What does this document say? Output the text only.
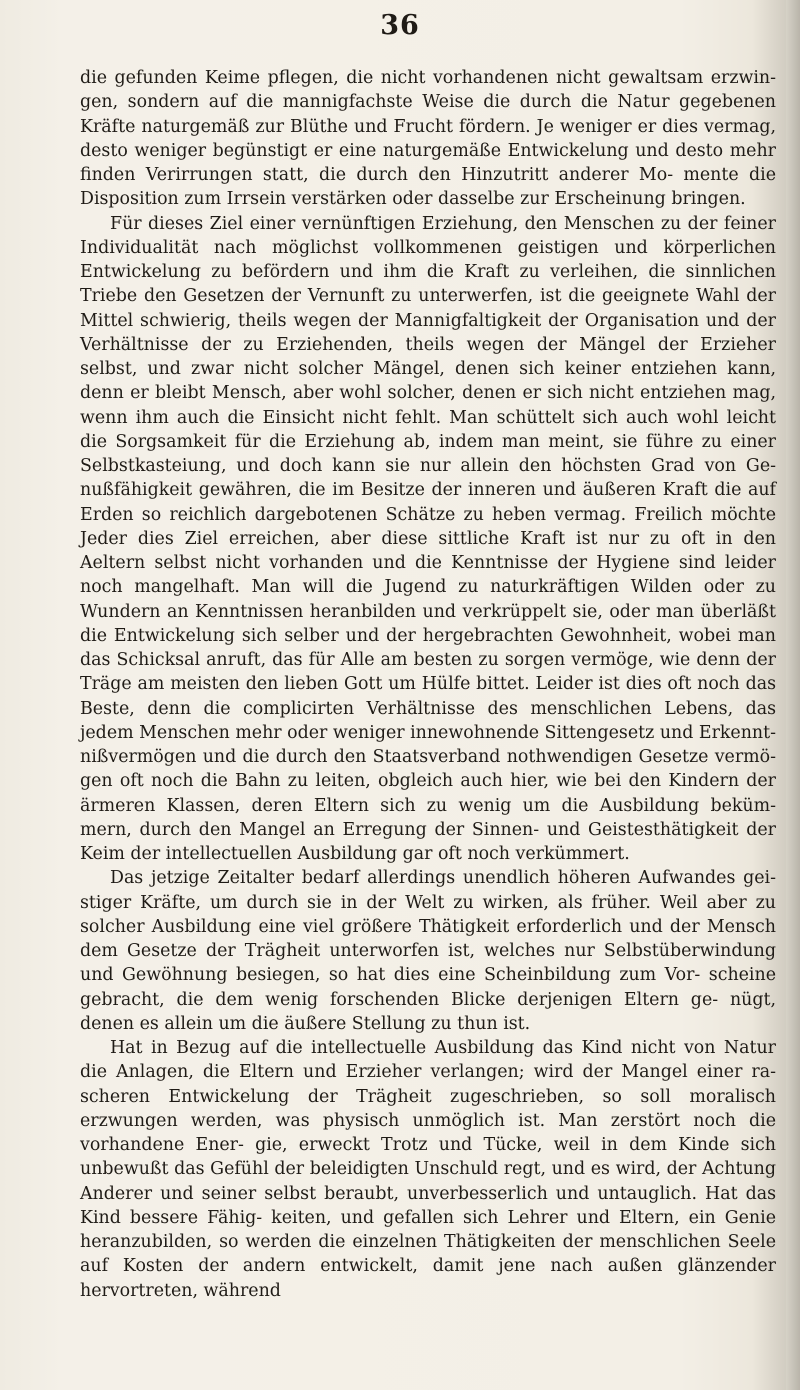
36

die gefunden Keime pflegen, die nicht vorhandenen nicht gewaltsam erzwin- gen, sondern auf die mannigfachste Weise die durch die Natur gegebenen Kräfte naturgemäß zur Blüthe und Frucht fördern. Je weniger er dies vermag, desto weniger begünstigt er eine naturgemäße Entwickelung und desto mehr finden Verirrungen statt, die durch den Hinzutritt anderer Mo- mente die Disposition zum Irrsein verstärken oder dasselbe zur Erscheinung bringen.

Für dieses Ziel einer vernünftigen Erziehung, den Menschen zu der feiner Individualität nach möglichst vollkommenen geistigen und körperlichen Entwickelung zu befördern und ihm die Kraft zu verleihen, die sinnlichen Triebe den Gesetzen der Vernunft zu unterwerfen, ist die geeignete Wahl der Mittel schwierig, theils wegen der Mannigfaltigkeit der Organisation und der Verhältnisse der zu Erziehenden, theils wegen der Mängel der Erzieher selbst, und zwar nicht solcher Mängel, denen sich keiner entziehen kann, denn er bleibt Mensch, aber wohl solcher, denen er sich nicht entziehen mag, wenn ihm auch die Einsicht nicht fehlt. Man schüttelt sich auch wohl leicht die Sorgsamkeit für die Erziehung ab, indem man meint, sie führe zu einer Selbstkasteiung, und doch kann sie nur allein den höchsten Grad von Ge- nußfähigkeit gewähren, die im Besitze der inneren und äußeren Kraft die auf Erden so reichlich dargebotenen Schätze zu heben vermag. Freilich möchte Jeder dies Ziel erreichen, aber diese sittliche Kraft ist nur zu oft in den Aeltern selbst nicht vorhanden und die Kenntnisse der Hygiene sind leider noch mangelhaft. Man will die Jugend zu naturkräftigen Wilden oder zu Wundern an Kenntnissen heranbilden und verkrüppelt sie, oder man überläßt die Entwickelung sich selber und der hergebrachten Gewohnheit, wobei man das Schicksal anruft, das für Alle am besten zu sorgen vermöge, wie denn der Träge am meisten den lieben Gott um Hülfe bittet. Leider ist dies oft noch das Beste, denn die complicirten Verhältnisse des menschlichen Lebens, das jedem Menschen mehr oder weniger innewohnende Sittengesetz und Erkennt- nißvermögen und die durch den Staatsverband nothwendigen Gesetze vermö- gen oft noch die Bahn zu leiten, obgleich auch hier, wie bei den Kindern der ärmeren Klassen, deren Eltern sich zu wenig um die Ausbildung beküm- mern, durch den Mangel an Erregung der Sinnen- und Geistesthätigkeit der Keim der intellectuellen Ausbildung gar oft noch verkümmert.

Das jetzige Zeitalter bedarf allerdings unendlich höheren Aufwandes gei- stiger Kräfte, um durch sie in der Welt zu wirken, als früher. Weil aber zu solcher Ausbildung eine viel größere Thätigkeit erforderlich und der Mensch dem Gesetze der Trägheit unterworfen ist, welches nur Selbstüberwindung und Gewöhnung besiegen, so hat dies eine Scheinbildung zum Vor- scheine gebracht, die dem wenig forschenden Blicke derjenigen Eltern ge- nügt, denen es allein um die äußere Stellung zu thun ist.

Hat in Bezug auf die intellectuelle Ausbildung das Kind nicht von Natur die Anlagen, die Eltern und Erzieher verlangen; wird der Mangel einer ra- scheren Entwickelung der Trägheit zugeschrieben, so soll moralisch erzwungen werden, was physisch unmöglich ist. Man zerstört noch die vorhandene Ener- gie, erweckt Trotz und Tücke, weil in dem Kinde sich unbewußt das Gefühl der beleidigten Unschuld regt, und es wird, der Achtung Anderer und seiner selbst beraubt, unverbesserlich und untauglich. Hat das Kind bessere Fähig- keiten, und gefallen sich Lehrer und Eltern, ein Genie heranzubilden, so werden die einzelnen Thätigkeiten der menschlichen Seele auf Kosten der andern entwickelt, damit jene nach außen glänzender hervortreten, während
